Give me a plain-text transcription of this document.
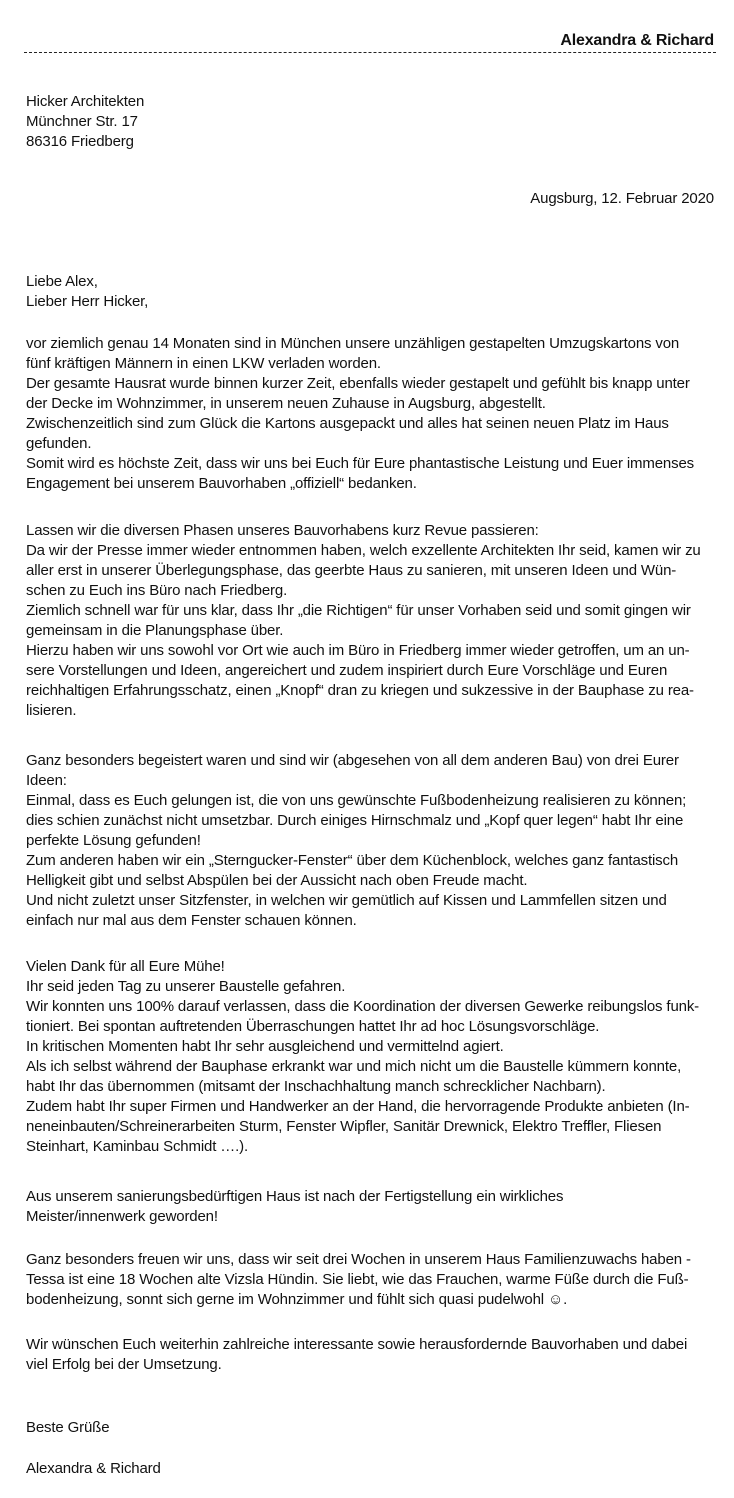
Alexandra & Richard
Hicker Architekten
Münchner Str. 17
86316 Friedberg
Augsburg, 12. Februar 2020
Liebe Alex,
Lieber Herr Hicker,
vor ziemlich genau 14 Monaten sind in München unsere unzähligen gestapelten Umzugskartons von
fünf kräftigen Männern in einen LKW verladen worden.
Der gesamte Hausrat wurde binnen kurzer Zeit, ebenfalls wieder gestapelt und gefühlt bis knapp unter
der Decke im Wohnzimmer, in unserem neuen Zuhause in Augsburg, abgestellt.
Zwischenzeitlich sind zum Glück die Kartons ausgepackt und alles hat seinen neuen Platz im Haus
gefunden.
Somit wird es höchste Zeit, dass wir uns bei Euch für Eure phantastische Leistung und Euer immenses
Engagement bei unserem Bauvorhaben „offiziell“ bedanken.
Lassen wir die diversen Phasen unseres Bauvorhabens kurz Revue passieren:
Da wir der Presse immer wieder entnommen haben, welch exzellente Architekten Ihr seid, kamen wir zu
aller erst in unserer Überlegungsphase, das geerbte Haus zu sanieren, mit unseren Ideen und Wün-
schen zu Euch ins Büro nach Friedberg.
Ziemlich schnell war für uns klar, dass Ihr „die Richtigen“ für unser Vorhaben seid und somit gingen wir
gemeinsam in die Planungsphase über.
Hierzu haben wir uns sowohl vor Ort wie auch im Büro in Friedberg immer wieder getroffen, um an un-
sere Vorstellungen und Ideen, angereichert und zudem inspiriert durch Eure Vorschläge und Euren
reichhaltigen Erfahrungsschatz, einen „Knopf“ dran zu kriegen und sukzessive in der Bauphase zu rea-
lisieren.
Ganz besonders begeistert waren und sind wir (abgesehen von all dem anderen Bau) von drei Eurer
Ideen:
Einmal, dass es Euch gelungen ist, die von uns gewünschte Fußbodenheizung realisieren zu können;
dies schien zunächst nicht umsetzbar. Durch einiges Hirnschmalz und „Kopf quer legen“ habt Ihr eine
perfekte Lösung gefunden!
Zum anderen haben wir ein „Sterngucker-Fenster“ über dem Küchenblock, welches ganz fantastisch
Helligkeit gibt und selbst Abspülen bei der Aussicht nach oben Freude macht.
Und nicht zuletzt unser Sitzfenster, in welchen wir gemütlich auf Kissen und Lammfellen sitzen und
einfach nur mal aus dem Fenster schauen können.
Vielen Dank für all Eure Mühe!
Ihr seid jeden Tag zu unserer Baustelle gefahren.
Wir konnten uns 100% darauf verlassen, dass die Koordination der diversen Gewerke reibungslos funk-
tioniert. Bei spontan auftretenden Überraschungen hattet Ihr ad hoc Lösungsvorschläge.
In kritischen Momenten habt Ihr sehr ausgleichend und vermittelnd agiert.
Als ich selbst während der Bauphase erkrankt war und mich nicht um die Baustelle kümmern konnte,
habt Ihr das übernommen (mitsamt der Inschachhaltung manch schrecklicher Nachbarn).
Zudem habt Ihr super Firmen und Handwerker an der Hand, die hervorragende Produkte anbieten (In-
neneinbauten/Schreinerarbeiten Sturm, Fenster Wipfler, Sanitär Drewnick, Elektro Treffler, Fliesen
Steinhart, Kaminbau Schmidt ….).
Aus unserem sanierungsbedürftigen Haus ist nach der Fertigstellung ein wirkliches
Meister/innenwerk geworden!
Ganz besonders freuen wir uns, dass wir seit drei Wochen in unserem Haus Familienzuwachs haben -
Tessa ist eine 18 Wochen alte Vizsla Hündin. Sie liebt, wie das Frauchen, warme Füße durch die Fuß-
bodenheizung, sonnt sich gerne im Wohnzimmer und fühlt sich quasi pudelwohl ☺.
Wir wünschen Euch weiterhin zahlreiche interessante sowie herausfordernde Bauvorhaben und dabei
viel Erfolg bei der Umsetzung.
Beste Grüße
Alexandra & Richard
